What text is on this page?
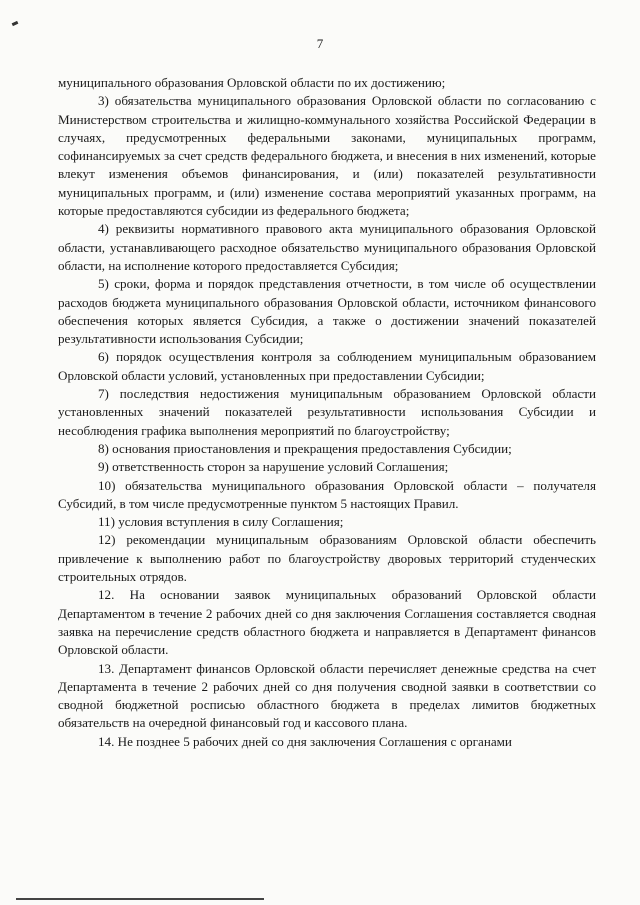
7

муниципального образования Орловской области по их достижению;

3) обязательства муниципального образования Орловской области по согласованию с Министерством строительства и жилищно-коммунального хозяйства Российской Федерации в случаях, предусмотренных федеральными законами, муниципальных программ, софинансируемых за счет средств федерального бюджета, и внесения в них изменений, которые влекут изменения объемов финансирования, и (или) показателей результативности муниципальных программ, и (или) изменение состава мероприятий указанных программ, на которые предоставляются субсидии из федерального бюджета;

4) реквизиты нормативного правового акта муниципального образования Орловской области, устанавливающего расходное обязательство муниципального образования Орловской области, на исполнение которого предоставляется Субсидия;

5) сроки, форма и порядок представления отчетности, в том числе об осуществлении расходов бюджета муниципального образования Орловской области, источником финансового обеспечения которых является Субсидия, а также о достижении значений показателей результативности использования Субсидии;

6) порядок осуществления контроля за соблюдением муниципальным образованием Орловской области условий, установленных при предоставлении Субсидии;

7) последствия недостижения муниципальным образованием Орловской области установленных значений показателей результативности использования Субсидии и несоблюдения графика выполнения мероприятий по благоустройству;

8) основания приостановления и прекращения предоставления Субсидии;

9) ответственность сторон за нарушение условий Соглашения;

10) обязательства муниципального образования Орловской области – получателя Субсидий, в том числе предусмотренные пунктом 5 настоящих Правил.

11) условия вступления в силу Соглашения;

12) рекомендации муниципальным образованиям Орловской области обеспечить привлечение к выполнению работ по благоустройству дворовых территорий студенческих строительных отрядов.

12. На основании заявок муниципальных образований Орловской области Департаментом в течение 2 рабочих дней со дня заключения Соглашения составляется сводная заявка на перечисление средств областного бюджета и направляется в Департамент финансов Орловской области.

13. Департамент финансов Орловской области перечисляет денежные средства на счет Департамента в течение 2 рабочих дней со дня получения сводной заявки в соответствии со сводной бюджетной росписью областного бюджета в пределах лимитов бюджетных обязательств на очередной финансовый год и кассового плана.

14. Не позднее 5 рабочих дней со дня заключения Соглашения с органами
